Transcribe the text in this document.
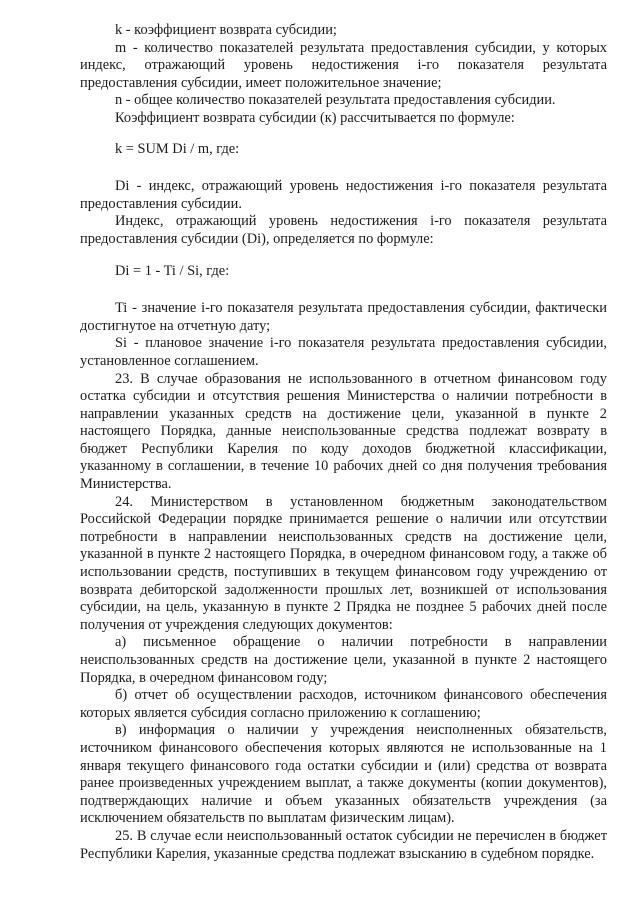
k - коэффициент возврата субсидии;

m - количество показателей результата предоставления субсидии, у которых индекс, отражающий уровень недостижения i-го показателя результата предоставления субсидии, имеет положительное значение;

n - общее количество показателей результата предоставления субсидии.

Коэффициент возврата субсидии (к) рассчитывается по формуле:

k = SUM Di / m, где:

Di - индекс, отражающий уровень недостижения i-го показателя результата предоставления субсидии.

Индекс, отражающий уровень недостижения i-го показателя результата предоставления субсидии (Di), определяется по формуле:

Di = 1 - Ti / Si, где:

Ti - значение i-го показателя результата предоставления субсидии, фактически достигнутое на отчетную дату;

Si - плановое значение i-го показателя результата предоставления субсидии, установленное соглашением.

23. В случае образования не использованного в отчетном финансовом году остатка субсидии и отсутствия решения Министерства о наличии потребности в направлении указанных средств на достижение цели, указанной в пункте 2 настоящего Порядка, данные неиспользованные средства подлежат возврату в бюджет Республики Карелия по коду доходов бюджетной классификации, указанному в соглашении, в течение 10 рабочих дней со дня получения требования Министерства.

24. Министерством в установленном бюджетным законодательством Российской Федерации порядке принимается решение о наличии или отсутствии потребности в направлении неиспользованных средств на достижение цели, указанной в пункте 2 настоящего Порядка, в очередном финансовом году, а также об использовании средств, поступивших в текущем финансовом году учреждению от возврата дебиторской задолженности прошлых лет, возникшей от использования субсидии, на цель, указанную в пункте 2 Прядка не позднее 5 рабочих дней после получения от учреждения следующих документов:

а) письменное обращение о наличии потребности в направлении неиспользованных средств на достижение цели, указанной в пункте 2 настоящего Порядка, в очередном финансовом году;

б) отчет об осуществлении расходов, источником финансового обеспечения которых является субсидия согласно приложению к соглашению;

в) информация о наличии у учреждения неисполненных обязательств, источником финансового обеспечения которых являются не использованные на 1 января текущего финансового года остатки субсидии и (или) средства от возврата ранее произведенных учреждением выплат, а также документы (копии документов), подтверждающих наличие и объем указанных обязательств учреждения (за исключением обязательств по выплатам физическим лицам).

25. В случае если неиспользованный остаток субсидии не перечислен в бюджет Республики Карелия, указанные средства подлежат взысканию в судебном порядке.
